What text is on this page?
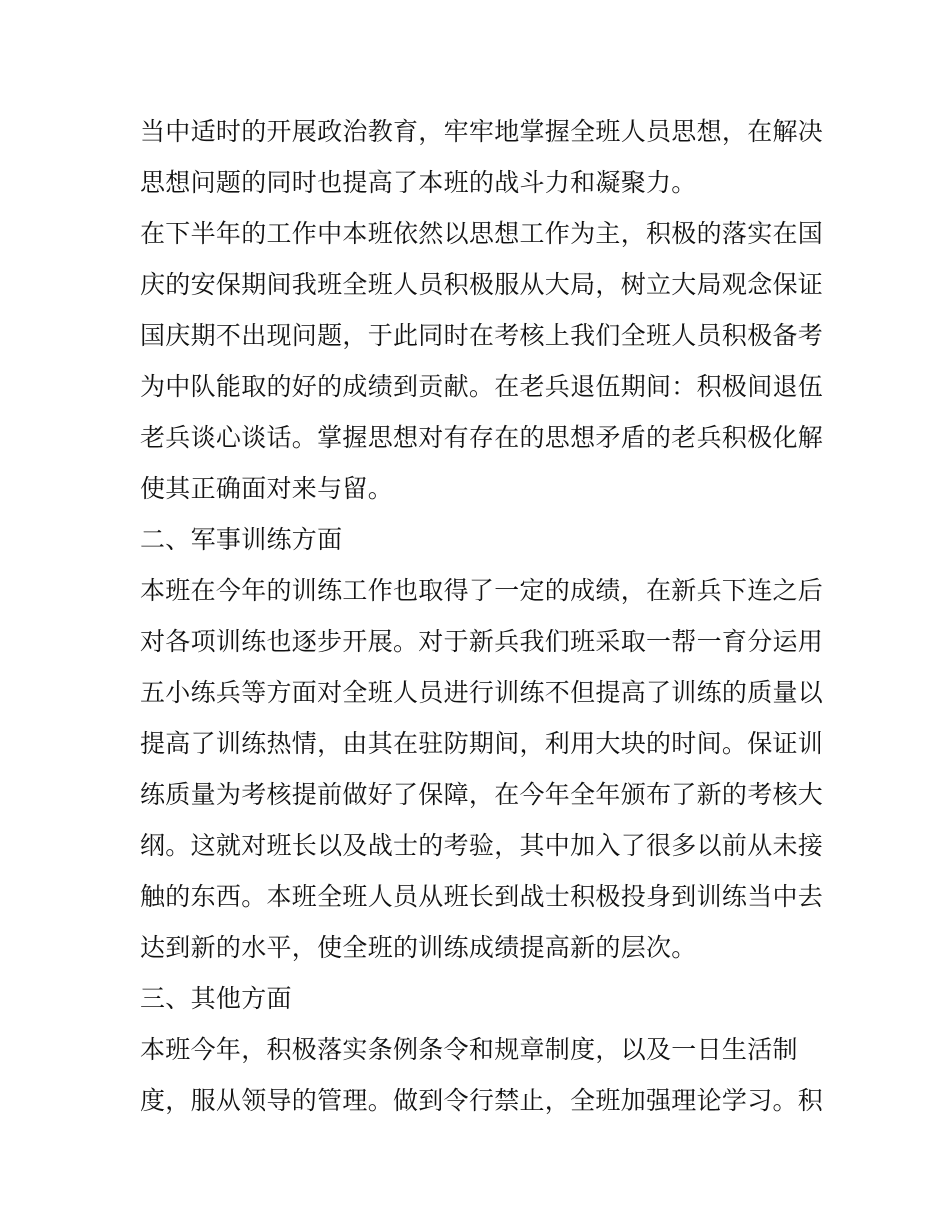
当中适时的开展政治教育，牢牢地掌握全班人员思想，在解决
思想问题的同时也提高了本班的战斗力和凝聚力。
在下半年的工作中本班依然以思想工作为主，积极的落实在国
庆的安保期间我班全班人员积极服从大局，树立大局观念保证
国庆期不出现问题，于此同时在考核上我们全班人员积极备考
为中队能取的好的成绩到贡献。在老兵退伍期间：积极间退伍
老兵谈心谈话。掌握思想对有存在的思想矛盾的老兵积极化解
使其正确面对来与留。
二、军事训练方面
本班在今年的训练工作也取得了一定的成绩，在新兵下连之后
对各项训练也逐步开展。对于新兵我们班采取一帮一育分运用
五小练兵等方面对全班人员进行训练不但提高了训练的质量以
提高了训练热情，由其在驻防期间，利用大块的时间。保证训
练质量为考核提前做好了保障，在今年全年颁布了新的考核大
纲。这就对班长以及战士的考验，其中加入了很多以前从未接
触的东西。本班全班人员从班长到战士积极投身到训练当中去
达到新的水平，使全班的训练成绩提高新的层次。
三、其他方面
本班今年，积极落实条例条令和规章制度，以及一日生活制
度，服从领导的管理。做到令行禁止，全班加强理论学习。积
